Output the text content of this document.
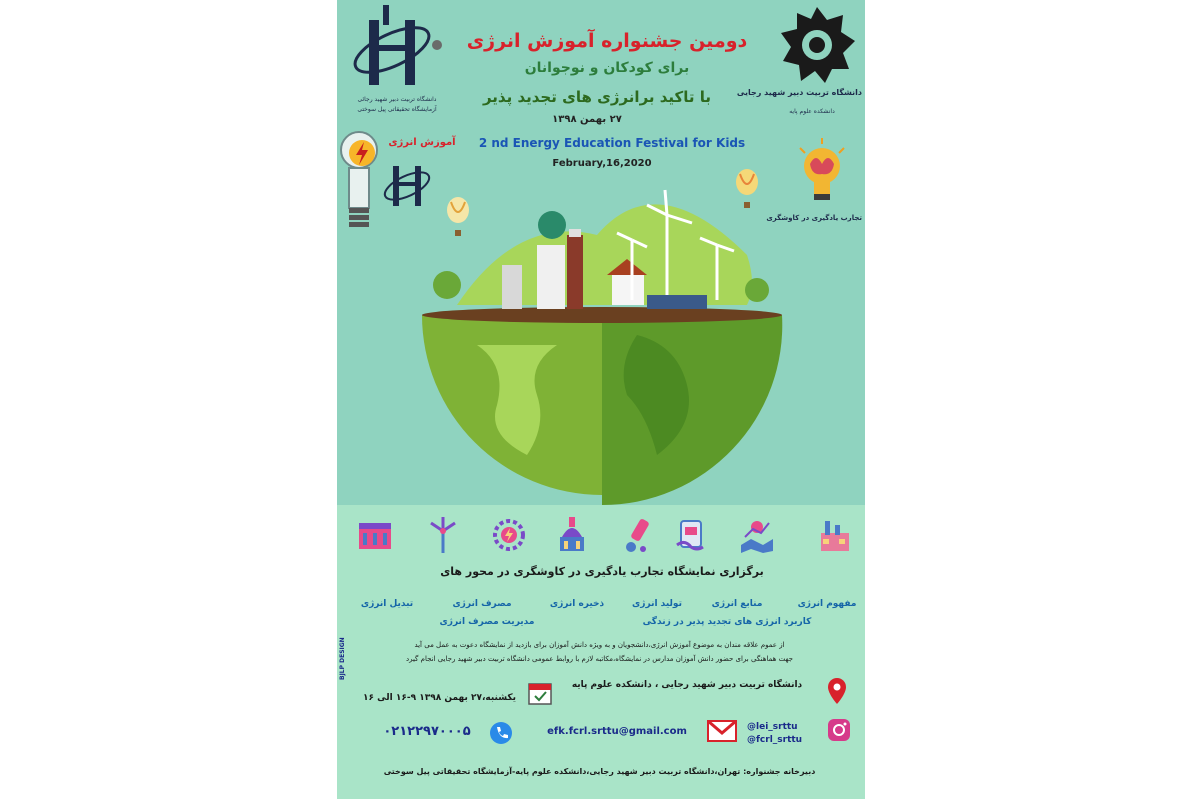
دانشگاه تربیت دبیر شهید رجائی
آزمایشگاه تحقیقاتی پیل سوختی
دانشگاه تربیت دبیر شهید رجایی
دانشکده علوم پایه
دومین جشنواره آموزش انرژی
برای کودکان و نوجوانان
با تاکید برانرژی های تجدید پذیر
۲۷ بهمن ۱۳۹۸
2 nd Energy Education Festival for Kids
February,16,2020
آموزش انرژی
تجارب یادگیری در کاوشگری
برگزاری نمایشگاه تجارب یادگیری در کاوشگری در محور های
مفهوم انرژی
منابع انرژی
تولید انرژی
ذخیره انرژی
مصرف انرژی
تبدیل انرژی
کاربرد انرژی های تجدید پذیر در زندگی
مدیریت مصرف انرژی
از عموم علاقه مندان به موضوع آموزش انرژی،دانشجویان و به ویژه دانش آموزان برای بازدید از نمایشگاه دعوت به عمل می آید
جهت هماهنگی برای حضور دانش آموزان مدارس در نمایشگاه،مکاتبه لازم با روابط عمومی دانشگاه تربیت دبیر شهید رجایی انجام گیرد
دانشگاه تربیت دبیر شهید رجایی ، دانشکده علوم پایه
یکشنبه،۲۷ بهمن ۱۳۹۸ ۹-۱۶ الی ۱۶
@lei_srttu
@fcrl_srttu
efk.fcrl.srttu@gmail.com
۰۲۱۲۲۹۷۰۰۰۵
دبیرخانه جشنواره: تهران،دانشگاه تربیت دبیر شهید رجایی،دانشکده علوم پایه-آزمایشگاه تحقیقاتی پیل سوختی
BJLP DESIGN
